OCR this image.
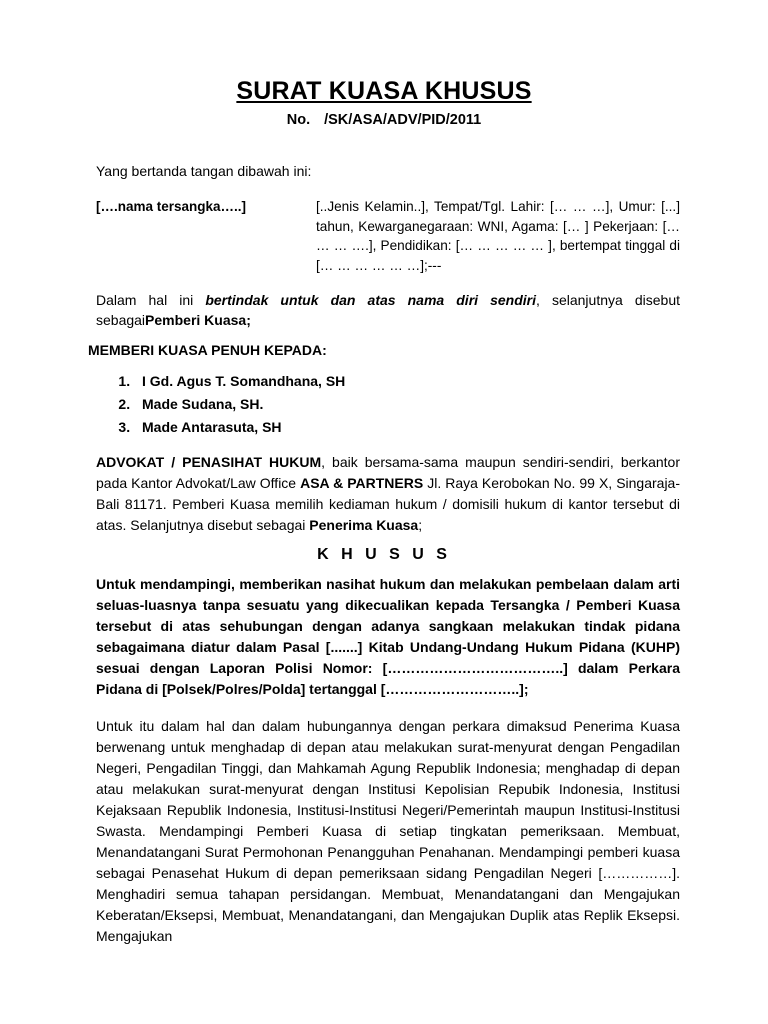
SURAT KUASA KHUSUS
No. /SK/ASA/ADV/PID/2011

Yang bertanda tangan dibawah ini:

[….nama tersangka…..]	[..Jenis Kelamin..], Tempat/Tgl. Lahir: [… … …], Umur: [...] tahun, Kewarganegaraan: WNI, Agama: [… ] Pekerjaan: [… … … ….], Pendidikan: [… … … … … ], bertempat tinggal di [… … … … … …];---

Dalam hal ini bertindak untuk dan atas nama diri sendiri, selanjutnya disebut sebagaiPemberi Kuasa;

MEMBERI KUASA PENUH KEPADA:

1. I Gd. Agus T. Somandhana, SH
2. Made Sudana, SH.
3. Made Antarasuta, SH

ADVOKAT / PENASIHAT HUKUM, baik bersama-sama maupun sendiri-sendiri, berkantor pada Kantor Advokat/Law Office ASA & PARTNERS Jl. Raya Kerobokan No. 99 X, Singaraja-Bali 81171. Pemberi Kuasa memilih kediaman hukum / domisili hukum di kantor tersebut di atas. Selanjutnya disebut sebagai Penerima Kuasa;

K H U S U S

Untuk mendampingi, memberikan nasihat hukum dan melakukan pembelaan dalam arti seluas-luasnya tanpa sesuatu yang dikecualikan kepada Tersangka / Pemberi Kuasa tersebut di atas sehubungan dengan adanya sangkaan melakukan tindak pidana sebagaimana diatur dalam Pasal [.......] Kitab Undang-Undang Hukum Pidana (KUHP) sesuai dengan Laporan Polisi Nomor: [………………………………..] dalam Perkara Pidana di [Polsek/Polres/Polda] tertanggal [………………………..];

Untuk itu dalam hal dan dalam hubungannya dengan perkara dimaksud Penerima Kuasa berwenang untuk menghadap di depan atau melakukan surat-menyurat dengan Pengadilan Negeri, Pengadilan Tinggi, dan Mahkamah Agung Republik Indonesia; menghadap di depan atau melakukan surat-menyurat dengan Institusi Kepolisian Repubik Indonesia, Institusi Kejaksaan Republik Indonesia, Institusi-Institusi Negeri/Pemerintah maupun Institusi-Institusi Swasta. Mendampingi Pemberi Kuasa di setiap tingkatan pemeriksaan. Membuat, Menandatangani Surat Permohonan Penangguhan Penahanan. Mendampingi pemberi kuasa sebagai Penasehat Hukum di depan pemeriksaan sidang Pengadilan Negeri [……………]. Menghadiri semua tahapan persidangan. Membuat, Menandatangani dan Mengajukan Keberatan/Eksepsi, Membuat, Menandatangani, dan Mengajukan Duplik atas Replik Eksepsi. Mengajukan
